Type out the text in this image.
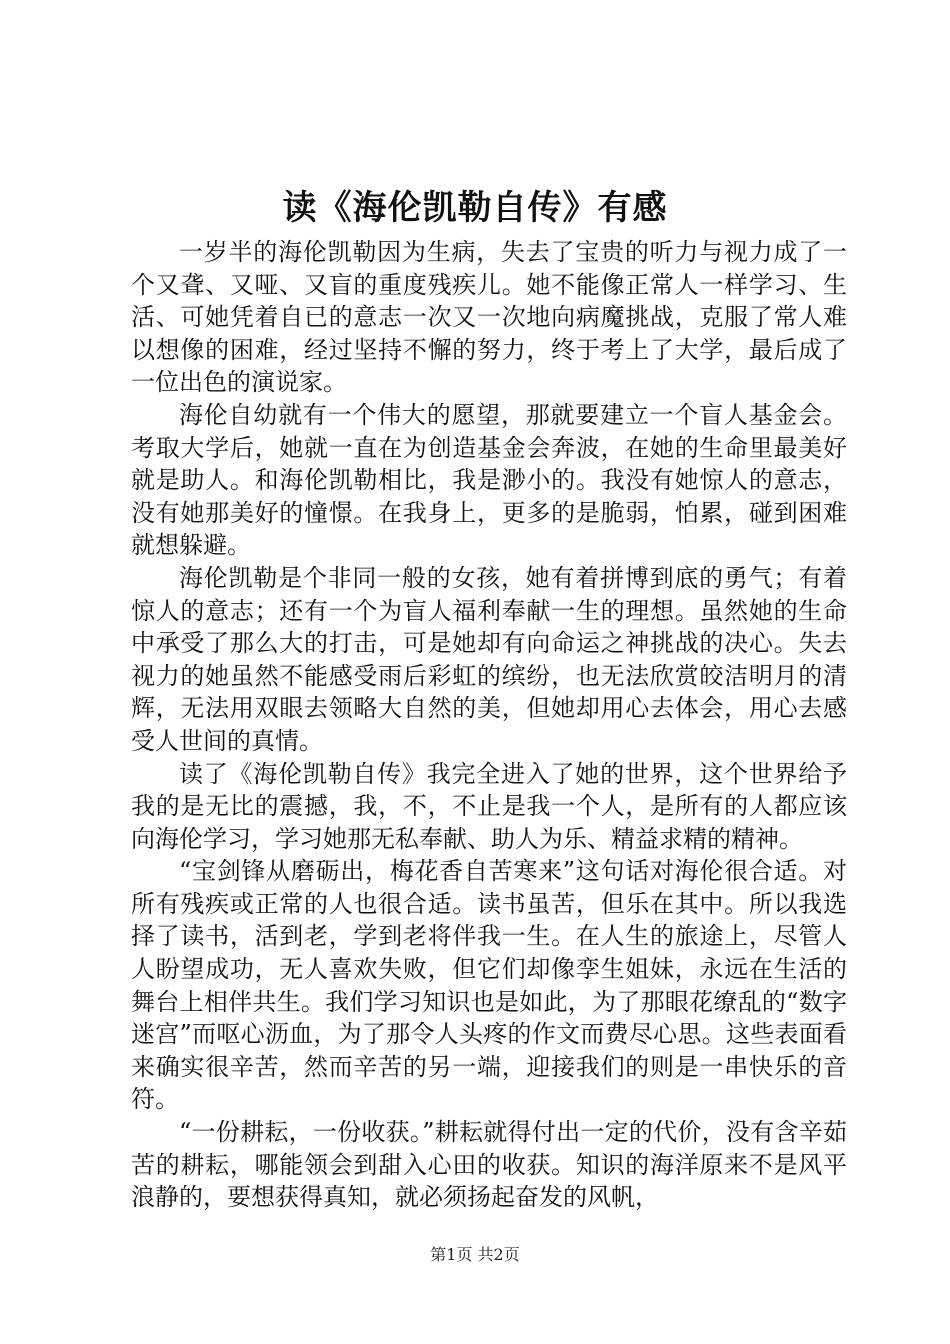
读《海伦凯勒自传》有感

一岁半的海伦凯勒因为生病，失去了宝贵的听力与视力成了一个又聋、又哑、又盲的重度残疾儿。她不能像正常人一样学习、生活、可她凭着自已的意志一次又一次地向病魔挑战，克服了常人难以想像的困难，经过坚持不懈的努力，终于考上了大学，最后成了一位出色的演说家。

海伦自幼就有一个伟大的愿望，那就要建立一个盲人基金会。考取大学后，她就一直在为创造基金会奔波，在她的生命里最美好就是助人。和海伦凯勒相比，我是渺小的。我没有她惊人的意志，没有她那美好的憧憬。在我身上，更多的是脆弱，怕累，碰到困难就想躲避。

海伦凯勒是个非同一般的女孩，她有着拼博到底的勇气；有着惊人的意志；还有一个为盲人福利奉献一生的理想。虽然她的生命中承受了那么大的打击，可是她却有向命运之神挑战的决心。失去视力的她虽然不能感受雨后彩虹的缤纷，也无法欣赏皎洁明月的清辉，无法用双眼去领略大自然的美，但她却用心去体会，用心去感受人世间的真情。

读了《海伦凯勒自传》我完全进入了她的世界，这个世界给予我的是无比的震撼，我，不，不止是我一个人，是所有的人都应该向海伦学习，学习她那无私奉献、助人为乐、精益求精的精神。

“宝剑锋从磨砺出，梅花香自苦寒来”这句话对海伦很合适。对所有残疾或正常的人也很合适。读书虽苦，但乐在其中。所以我选择了读书，活到老，学到老将伴我一生。在人生的旅途上，尽管人人盼望成功，无人喜欢失败，但它们却像孪生姐妹，永远在生活的舞台上相伴共生。我们学习知识也是如此，为了那眼花缭乱的“数字迷宫”而呕心沥血，为了那令人头疼的作文而费尽心思。这些表面看来确实很辛苦，然而辛苦的另一端，迎接我们的则是一串快乐的音符。

“一份耕耘，一份收获。”耕耘就得付出一定的代价，没有含辛茹苦的耕耘，哪能领会到甜入心田的收获。知识的海洋原来不是风平浪静的，要想获得真知，就必须扬起奋发的风帆，

第1页 共2页
